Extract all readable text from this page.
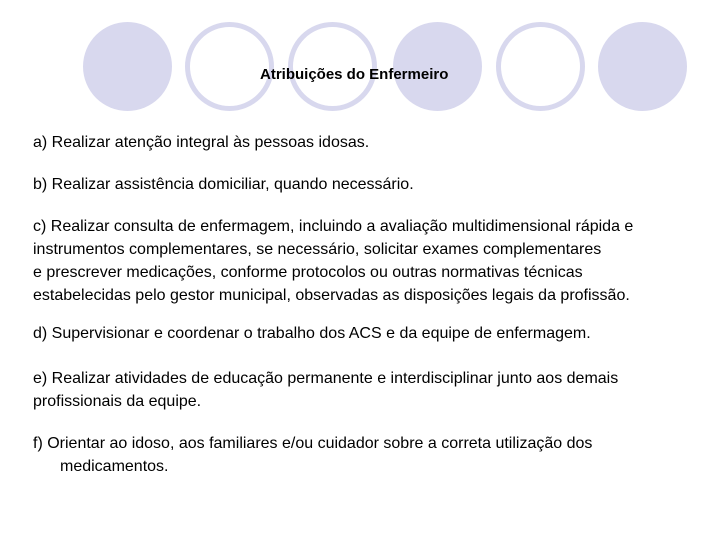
Atribuições do Enfermeiro
a) Realizar atenção integral às pessoas idosas.
b) Realizar assistência domiciliar, quando necessário.
c) Realizar consulta de enfermagem, incluindo a avaliação multidimensional rápida e
instrumentos complementares, se necessário, solicitar exames complementares
e prescrever medicações, conforme protocolos ou outras normativas técnicas
estabelecidas pelo gestor municipal, observadas as disposições legais da profissão.
d) Supervisionar e coordenar o trabalho dos ACS e da equipe de enfermagem.
e) Realizar atividades de educação permanente e interdisciplinar junto aos demais
profissionais da equipe.
f) Orientar ao idoso, aos familiares e/ou cuidador sobre a correta utilização dos
medicamentos.
